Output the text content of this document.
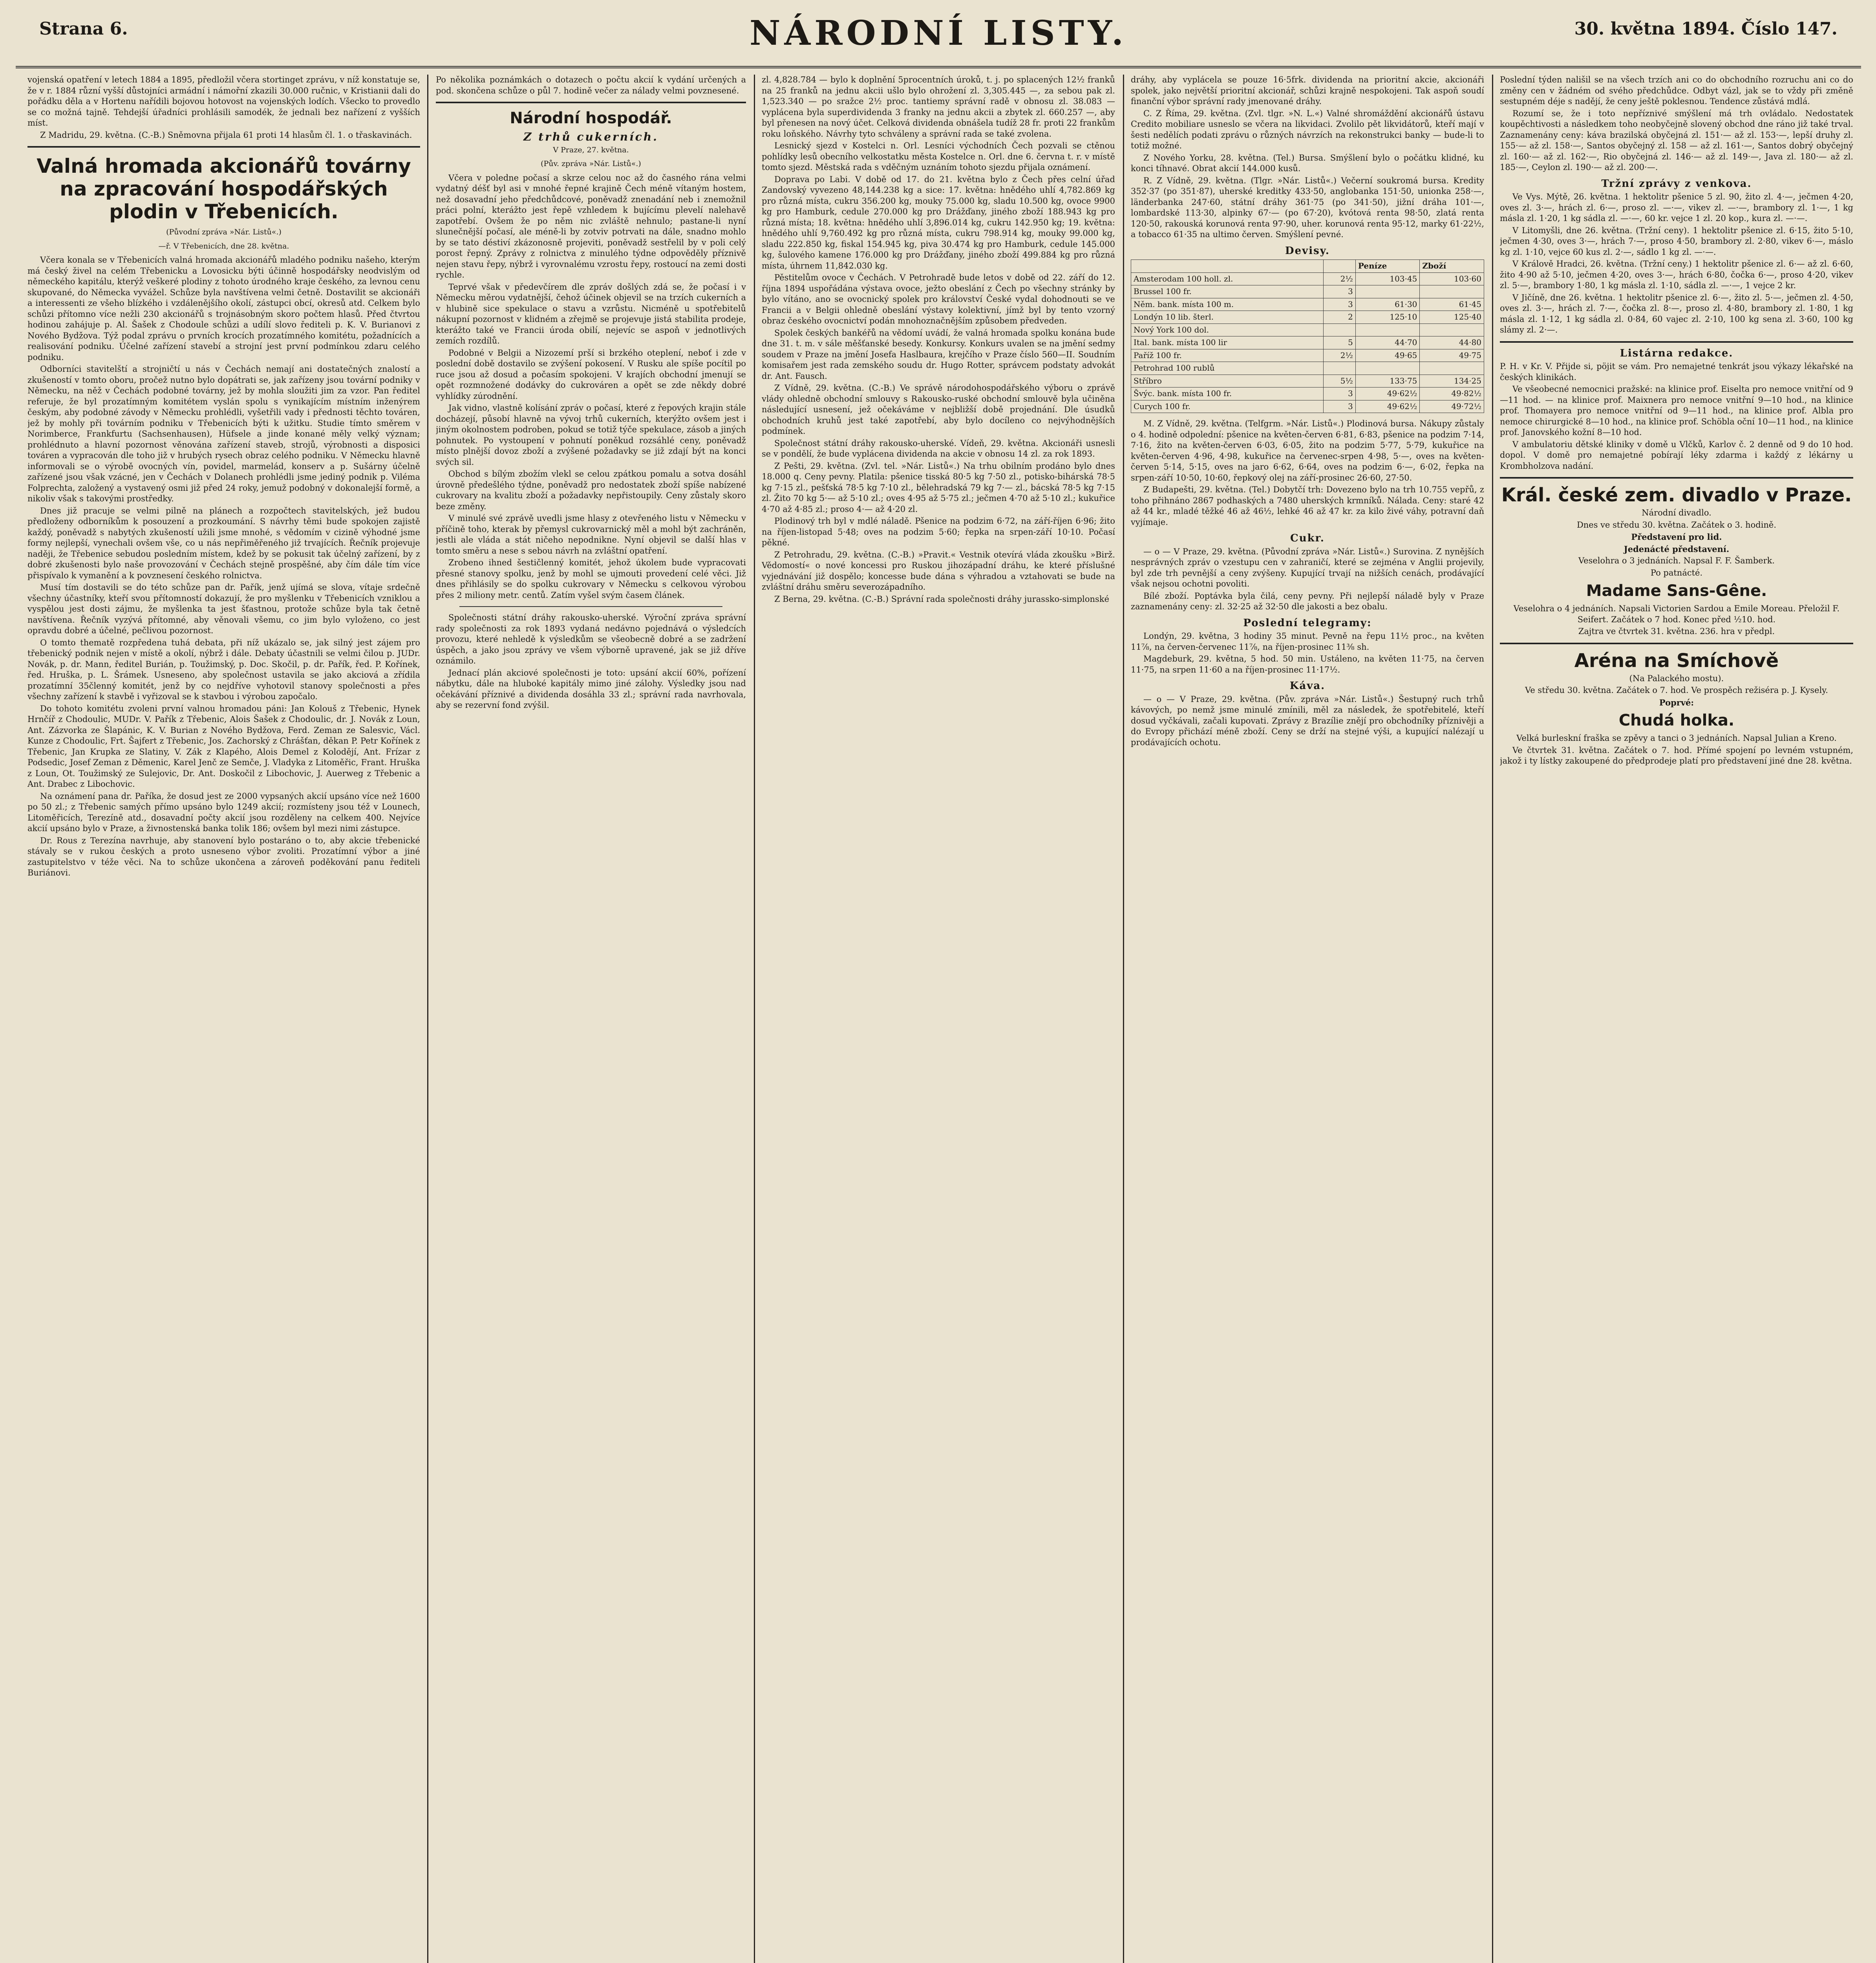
Strana 6.	NÁRODNÍ LISTY.	30. května 1894. Číslo 147.

vojenská opatření v letech 1884 a 1895, předložil včera stortinget zprávu, v níž konstatuje se, že v r. 1884 různí vyšší důstojníci armádní i námořní zkazili 30.000 ručnic, v Kristianii dali do pořádku děla a v Hortenu nařídili bojovou hotovost na vojenských lodích. Všecko to provedlo se co možná tajně. Tehdejší úřadníci prohlásili samodék, že jednali bez nařízení z vyšších míst.

Z Madridu, 29. května. (C.-B.) Sněmovna přijala 61 proti 14 hlasům čl. 1. o třaskavinách.

Valná hromada akcionářů továrny na zpracování hospodářských plodin v Třebenicích.

(Původní zpráva »Nár. Listů«.)

—ř. V Třebenicích, dne 28. května.

Včera konala se v Třebenicích valná hromada akcionářů mladého podniku našeho, kterým má český živel na celém Třebenicku a Lovosicku býti účinně hospodářsky neodvislým od německého kapitálu, kterýž veškeré plodiny z tohoto úrodného kraje českého, za levnou cenu skupované, do Německa vyvážel. Schůze byla navštívena velmi četně. Dostavilit se akcionáři a interessenti ze všeho blízkého i vzdálenějšího okolí, zástupci obcí, okresů atd. Celkem bylo schůzi přítomno více nežli 230 akcionářů s trojnásobným skoro počtem hlasů. Před čtvrtou hodinou zahájuje p. Al. Šašek z Chodoule schůzi a udílí slovo řediteli p. K. V. Burianovi z Nového Bydžova. Týž podal zprávu o prvních krocích prozatímného komitétu, požadnících a realisování podniku. Účelné zařízení stavebí a strojní jest první podmínkou zdaru celého podniku.

Odborníci stavitelští a strojničtí u nás v Čechách nemají ani dostatečných znalostí a zkušeností v tomto oboru, pročež nutno bylo dopátrati se, jak zařízeny jsou tovární podniky v Německu, na něž v Čechách podobné továrny, jež by mohla sloužiti jim za vzor. Pan ředitel referuje, že byl prozatímným komitétem vyslán spolu s vynikajícím místním inženýrem českým, aby podobné závody v Německu prohlédli, vyšetřili vady i přednosti těchto továren, jež by mohly při továrním podniku v Třebenicích býti k užitku. Studie tímto směrem v Norimberce, Frankfurtu (Sachsenhausen), Hüfsele a jinde konané měly velký význam; prohlédnuto a hlavní pozornost věnována zařízení staveb, strojů, výrobnosti a disposici továren a vypracován dle toho již v hrubých rysech obraz celého podniku. V Německu hlavně informovali se o výrobě ovocných vín, povidel, marmelád, konserv a p. Sušárny účelně zařízené jsou však vzácné, jen v Čechách v Dolanech prohlédli jsme jediný podnik p. Viléma Folprechta, založený a vystavený osmi již před 24 roky, jemuž podobný v dokonalejší formě, a nikoliv však s takovými prostředky.

Dnes již pracuje se velmi pilně na plánech a rozpočtech stavitelských, jež budou předloženy odborníkům k posouzení a prozkoumání. S návrhy těmi bude spokojen zajistě každý, poněvadž s nabytých zkušeností užili jsme mnohé, s vědomím v cizině výhodné jsme formy nejlepší, vynechali ovšem vše, co u nás nepřiměřeného již trvajících. Řečník projevuje naději, že Třebenice sebudou posledním místem, kdež by se pokusit tak účelný zařízení, by z dobré zkušenosti bylo naše provozování v Čechách stejně prospěšné, aby čím dále tím více přispívalo k vymanění a k povznesení českého rolnictva.

Musí tím dostavili se do této schůze pan dr. Pařík, jenž ujímá se slova, vítaje srdečně všechny účastníky, kteří svou přítomností dokazují, že pro myšlenku v Třebenicích vzniklou a vyspělou jest dosti zájmu, že myšlenka ta jest šťastnou, protože schůze byla tak četně navštívena. Řečník vyzývá přítomné, aby věnovali všemu, co jim bylo vyloženo, co jest opravdu dobré a účelné, pečlivou pozornost.

O tomto thematě rozpředena tuhá debata, při níž ukázalo se, jak silný jest zájem pro třebenický podnik nejen v místě a okolí, nýbrž i dále. Debaty účastnili se velmi čilou p. JUDr. Novák, p. dr. Mann, ředitel Burián, p. Toužimský, p. Doc. Skočil, p. dr. Pařík, řed. P. Kořínek, řed. Hruška, p. L. Šrámek. Usneseno, aby společnost ustavila se jako akciová a zřídila prozatímní 35členný komitét, jenž by co nejdříve vyhotovil stanovy společnosti a přes všechny zařízení k stavbě i vyřizoval se k stavbou i výrobou započalo.

Do tohoto komitétu zvoleni první valnou hromadou páni: Jan Kolouš z Třebenic, Hynek Hrnčíř z Chodoulic, MUDr. V. Pařík z Třebenic, Alois Šašek z Chodoulic, dr. J. Novák z Loun, Ant. Zázvorka ze Šlapánic, K. V. Burian z Nového Bydžova, Ferd. Zeman ze Salesvic, Václ. Kunze z Chodoulic, Frt. Šajfert z Třebenic, Jos. Zachorský z Chrášťan, děkan P. Petr Kořínek z Třebenic, Jan Krupka ze Slatiny, V. Zák z Klapého, Alois Demel z Kolodějí, Ant. Frízar z Podsedic, Josef Zeman z Děmenic, Karel Jenč ze Semče, J. Vladyka z Litoměřic, Frant. Hruška z Loun, Ot. Toužimský ze Sulejovic, Dr. Ant. Doskočil z Libochovic, J. Auerweg z Třebenic a Ant. Drabec z Libochovic.

Na oznámení pana dr. Paříka, že dosud jest ze 2000 vypsaných akcií upsáno více než 1600 po 50 zl.; z Třebenic samých přímo upsáno bylo 1249 akcií; rozmísteny jsou též v Lounech, Litoměřicích, Terezíně atd., dosavadní počty akcií jsou rozděleny na celkem 400. Nejvíce akcií upsáno bylo v Praze, a živnostenská banka tolik 186; ovšem byl mezi nimi zástupce.

Dr. Rous z Terezína navrhuje, aby stanovení bylo postaráno o to, aby akcie třebenické stávaly se v rukou českých a proto usneseno výbor zvoliti. Prozatímní výbor a jiné zastupitelstvo v téže věci. Na to schůze ukončena a zároveň poděkování panu řediteli Buriánovi.

Po několika poznámkách o dotazech o počtu akcií k vydání určených a pod. skončena schůze o půl 7. hodině večer za nálady velmi povznesené.

Národní hospodář.
Z trhů cukerních.

V Praze, 27. května.

(Pův. zpráva »Nár. Listů«.)

Včera v poledne počasí a skrze celou noc až do časného rána velmi vydatný déšť byl asi v mnohé řepné krajině Čech méně vítaným hostem, než dosavadní jeho předchůdcové, poněvadž znenadání neb i znemožnil práci polní, kterážto jest řepě vzhledem k bujícímu plevelí nalehavě zapotřebí. Ovšem že po něm nic zvláště nehnulo; pastane-li nyní slunečnější počasí, ale méně-li by zotviv potrvati na dále, snadno mohlo by se tato déstiví zkázonosně projeviti, poněvadž sestřelil by v poli celý porost řepný. Zprávy z rolnictva z minulého týdne odpověděly příznivě nejen stavu řepy, nýbrž i vyrovnalému vzrostu řepy, rostoucí na zemi dosti rychle.

Teprvé však v předevčírem dle zpráv došlých zdá se, že počasí i v Německu měrou vydatnější, čehož účinek objevil se na trzích cukerních a v hlubině sice spekulace o stavu a vzrůstu. Nicméně u spotřebitelů nákupní pozornost v klidném a zřejmě se projevuje jistá stabilita prodeje, kterážto také ve Francii úroda obilí, nejevíc se aspoň v jednotlivých zemích rozdílů.

Podobné v Belgii a Nizozemí prší si brzkého oteplení, neboť i zde v poslední době dostavilo se zvýšení pokosení. V Rusku ale spíše pocítil po ruce jsou až dosud a počasím spokojeni. V krajích obchodní jmenují se opět rozmnožené dodávky do cukrováren a opět se zde někdy dobré vyhlídky zúrodnění.

Jak vidno, vlastně kolísání zpráv o počasí, které z řepových krajin stále docházejí, působí hlavně na vývoj trhů cukerních, kterýžto ovšem jest i jiným okolnostem podroben, pokud se totiž týče spekulace, zásob a jiných pohnutek. Po vystoupení v pohnutí poněkud rozsáhlé ceny, poněvadž místo plnější dovoz zboží a zvýšené požadavky se již zdají být na konci svých sil.

Obchod s bílým zbožím vlekl se celou zpátkou pomalu a sotva dosáhl úrovně předešlého týdne, poněvadž pro nedostatek zboží spíše nabízené cukrovary na kvalitu zboží a požadavky nepřistoupily. Ceny zůstaly skoro beze změny.

V minulé své zprávě uvedli jsme hlasy z otevřeného listu v Německu v příčině toho, kterak by přemysl cukrovarnický měl a mohl být zachráněn, jestli ale vláda a stát ničeho nepodnikne. Nyní objevil se další hlas v tomto směru a nese s sebou návrh na zvláštní opatření.

Zrobeno ihned šestičlenný komitét, jehož úkolem bude vypracovati přesné stanovy spolku, jenž by mohl se ujmouti provedení celé věci. Již dnes přihlásily se do spolku cukrovary v Německu s celkovou výrobou přes 2 miliony metr. centů. Zatím vyšel svým časem článek.

Společnosti státní dráhy rakousko-uherské. Výroční zpráva správní rady společnosti za rok 1893 vydaná nedávno pojednává o výsledcích provozu, které nehledě k výsledkům se všeobecně dobré a se zadržení úspěch, a jako jsou zprávy ve všem výborně upravené, jak se již dříve oznámilo.

Jednací plán akciové společnosti je toto: upsání akcií 60%, pořízení nábytku, dále na hluboké kapitály mimo jiné zálohy. Výsledky jsou nad očekávání příznivé a dividenda dosáhla 33 zl.; správní rada navrhovala, aby se rezervní fond zvýšil.

zl. 4,828.784 — bylo k doplnění 5procentních úroků, t. j. po splacených 12½ franků na 25 franků na jednu akcii ušlo bylo ohrožení zl. 3,305.445 —, za sebou pak zl. 1,523.340 — po sražce 2½ proc. tantiemy správní radě v obnosu zl. 38.083 — vyplácena byla superdividenda 3 franky na jednu akcii a zbytek zl. 660.257 —, aby byl přenesen na nový účet. Celková dividenda obnášela tudíž 28 fr. proti 22 frankům roku loňského. Návrhy tyto schváleny a správní rada se také zvolena.

Lesnický sjezd v Kostelci n. Orl. Lesníci východních Čech pozvali se ctěnou pohlídky lesů obecního velkostatku města Kostelce n. Orl. dne 6. června t. r. v místě tomto sjezd. Městská rada s vděčným uznáním tohoto sjezdu přijala oznámení.

Doprava po Labi. V době od 17. do 21. května bylo z Čech přes celní úřad Zandovský vyvezeno 48,144.238 kg a sice: 17. května: hnědého uhlí 4,782.869 kg pro různá místa, cukru 356.200 kg, mouky 75.000 kg, sladu 10.500 kg, ovoce 9900 kg pro Hamburk, cedule 270.000 kg pro Drážďany, jiného zboží 188.943 kg pro různá místa; 18. května: hnědého uhlí 3,896.014 kg, cukru 142.950 kg; 19. května: hnědého uhlí 9,760.492 kg pro různá místa, cukru 798.914 kg, mouky 99.000 kg, sladu 222.850 kg, fiskal 154.945 kg, piva 30.474 kg pro Hamburk, cedule 145.000 kg, šulového kamene 176.000 kg pro Drážďany, jiného zboží 499.884 kg pro různá místa, úhrnem 11,842.030 kg.

Pěstitelům ovoce v Čechách. V Petrohradě bude letos v době od 22. září do 12. října 1894 uspořádána výstava ovoce, ježto obeslání z Čech po všechny stránky by bylo vítáno, ano se ovocnický spolek pro království České vydal dohodnouti se ve Francii a v Belgii ohledně obeslání výstavy kolektivní, jímž byl by tento vzorný obraz českého ovocnictví podán mnohoznačnějším způsobem předveden.

Spolek českých bankéřů na vědomí uvádí, že valná hromada spolku konána bude dne 31. t. m. v sále měšťanské besedy. Konkursy. Konkurs uvalen se na jmění sedmy soudem v Praze na jmění Josefa Haslbaura, krejčího v Praze číslo 560—II. Soudním komisařem jest rada zemského soudu dr. Hugo Rotter, správcem podstaty advokát dr. Ant. Fausch.

Z Vídně, 29. května. (C.-B.) Ve správě národohospodářského výboru o zprávě vlády ohledně obchodní smlouvy s Rakousko-ruské obchodní smlouvě byla učiněna následující usnesení, jež očekáváme v nejbližší době projednání. Dle úsudků obchodních kruhů jest také zapotřebí, aby bylo docíleno co nejvýhodnějších podmínek.

Společnost státní dráhy rakousko-uherské. Vídeň, 29. května. Akcionáři usnesli se v pondělí, že bude vyplácena dividenda na akcie v obnosu 14 zl. za rok 1893.

Z Pešti, 29. května. (Zvl. tel. »Nár. Listů«.) Na trhu obilním prodáno bylo dnes 18.000 q. Ceny pevny. Platila: pšenice tisská 80·5 kg 7·50 zl., potisko-bihárská 78·5 kg 7·15 zl., pešťská 78·5 kg 7·10 zl., bělehradská 79 kg 7·— zl., bácská 78·5 kg 7·15 zl. Žito 70 kg 5·— až 5·10 zl.; oves 4·95 až 5·75 zl.; ječmen 4·70 až 5·10 zl.; kukuřice 4·70 až 4·85 zl.; proso 4·— až 4·20 zl.

Plodinový trh byl v mdlé náladě. Pšenice na podzim 6·72, na září-říjen 6·96; žito na říjen-listopad 5·48; oves na podzim 5·60; řepka na srpen-září 10·10. Počasí pěkné.

Z Petrohradu, 29. května. (C.-B.) »Pravit.« Vestnik otevírá vláda zkoušku »Birž. Vědomostí« o nové koncessi pro Ruskou jihozápadní dráhu, ke které příslušné vyjednávání již dospělo; koncesse bude dána s výhradou a vztahovati se bude na zvláštní dráhu směru severozápadního.

Z Berna, 29. května. (C.-B.) Správní rada společnosti dráhy jurassko-simplonské

dráhy, aby vyplácela se pouze 16·5frk. dividenda na prioritní akcie, akcionáři spolek, jako největší prioritní akcionář, schůzi krajně nespokojeni. Tak aspoň soudí finanční výbor správní rady jmenované dráhy.

C. Z Říma, 29. května. (Zvl. tlgr. »N. L.«) Valné shromáždění akcionářů ústavu Credito mobiliare usneslo se včera na likvidaci. Zvolilo pět likvidátorů, kteří mají v šesti nedělích podati zprávu o různých návrzích na rekonstrukci banky — bude-li to totiž možné.

Z Nového Yorku, 28. května. (Tel.) Bursa. Smýšlení bylo o počátku klidné, ku konci tíhnavé. Obrat akcií 144.000 kusů.

R. Z Vídně, 29. května. (Tlgr. »Nár. Listů«.) Večerní soukromá bursa. Kredity 352·37 (po 351·87), uherské kreditky 433·50, anglobanka 151·50, unionka 258·—, länderbanka 247·60, státní dráhy 361·75 (po 341·50), jižní dráha 101·—, lombardské 113·30, alpinky 67·— (po 67·20), kvótová renta 98·50, zlatá renta 120·50, rakouská korunová renta 97·90, uher. korunová renta 95·12, marky 61·22½, a tobacco 61·35 na ultimo červen. Smýšlení pevné.

Devisy.
		Peníze	Zboží
Amsterodam 100 holl. zl.	2½	103·45	103·60
Brussel 100 fr.	3		
Něm. bank. místa 100 m.	3	61·30	61·45
Londýn 10 lib. šterl.	2	125·10	125·40
Nový York 100 dol.			
Ital. bank. místa 100 lir	5	44·70	44·80
Paříž 100 fr.	2½	49·65	49·75
Petrohrad 100 rublů			
Stříbro	5½	133·75	134·25
Švýc. bank. místa 100 fr.	3	49·62½	49·82½
Curych 100 fr.	3	49·62½	49·72½

M. Z Vídně, 29. května. (Telfgrm. »Nár. Listů«.) Plodinová bursa. Nákupy zůstaly o 4. hodině odpolední: pšenice na květen-červen 6·81, 6·83, pšenice na podzim 7·14, 7·16, žito na květen-červen 6·03, 6·05, žito na podzim 5·77, 5·79, kukuřice na květen-červen 4·96, 4·98, kukuřice na červenec-srpen 4·98, 5·—, oves na květen-červen 5·14, 5·15, oves na jaro 6·62, 6·64, oves na podzim 6·—, 6·02, řepka na srpen-září 10·50, 10·60, řepkový olej na září-prosinec 26·60, 27·50.

Z Budapešti, 29. května. (Tel.) Dobytčí trh: Dovezeno bylo na trh 10.755 vepřů, z toho přihnáno 2867 podhaských a 7480 uherských krmníků. Nálada. Ceny: staré 42 až 44 kr., mladé těžké 46 až 46½, lehké 46 až 47 kr. za kilo živé váhy, potravní daň vyjímaje.

Cukr.

— o — V Praze, 29. května. (Původní zpráva »Nár. Listů«.) Surovina. Z nynějších nesprávných zpráv o vzestupu cen v zahraničí, které se zejména v Anglii projevily, byl zde trh pevnější a ceny zvýšeny. Kupující trvají na nižších cenách, prodávající však nejsou ochotni povoliti.

Bílé zboží. Poptávka byla čilá, ceny pevny. Při nejlepší náladě byly v Praze zaznamenány ceny: zl. 32·25 až 32·50 dle jakosti a bez obalu.

Poslední telegramy:

Londýn, 29. května, 3 hodiny 35 minut. Pevně na řepu 11½ proc., na květen 11⁷⁄₈, na červen-červenec 11⁷⁄₈, na říjen-prosinec 11³⁄₈ sh.

Magdeburk, 29. května, 5 hod. 50 min. Ustáleno, na květen 11·75, na červen 11·75, na srpen 11·60 a na říjen-prosinec 11·17½.

Káva.

— o — V Praze, 29. května. (Pův. zpráva »Nár. Listů«.) Šestupný ruch trhů kávových, po nemž jsme minulé zmínili, měl za následek, že spotřebitelé, kteří dosud vyčkávali, začali kupovati. Zprávy z Brazílie znějí pro obchodníky příznivěji a do Evropy přichází méně zboží. Ceny se drží na stejné výši, a kupující nalézají u prodávajících ochotu.

Poslední týden nališil se na všech trzích ani co do obchodního rozruchu ani co do změny cen v žádném od svého předchůdce. Odbyt vázl, jak se to vždy při změně sestupném déje s nadějí, že ceny ještě poklesnou. Tendence zůstává mdlá.

Rozumí se, že i toto nepříznivé smýšlení má trh ovládalo. Nedostatek koupěchtivosti a následkem toho neobyčejně slovený obchod dne ráno již také trval. Zaznamenány ceny: káva brazilská obyčejná zl. 151·— až zl. 153·—, lepší druhy zl. 155·— až zl. 158·—, Santos obyčejný zl. 158 — až zl. 161·—, Santos dobrý obyčejný zl. 160·— až zl. 162·—, Rio obyčejná zl. 146·— až zl. 149·—, Java zl. 180·— až zl. 185·—, Ceylon zl. 190·— až zl. 200·—.

Tržní zprávy z venkova.

Ve Vys. Mýtě, 26. května. 1 hektolitr pšenice 5 zl. 90, žito zl. 4·—, ječmen 4·20, oves zl. 3·—, hrách zl. 6·—, proso zl. —·—, vikev zl. —·—, brambory zl. 1·—, 1 kg másla zl. 1·20, 1 kg sádla zl. —·—, 60 kr. vejce 1 zl. 20 kop., kura zl. —·—.

V Litomyšli, dne 26. května. (Tržní ceny). 1 hektolitr pšenice zl. 6·15, žito 5·10, ječmen 4·30, oves 3·—, hrách 7·—, proso 4·50, brambory zl. 2·80, vikev 6·—, máslo kg zl. 1·10, vejce 60 kus zl. 2·—, sádlo 1 kg zl. —·—.

V Králově Hradci, 26. května. (Tržní ceny.) 1 hektolitr pšenice zl. 6·— až zl. 6·60, žito 4·90 až 5·10, ječmen 4·20, oves 3·—, hrách 6·80, čočka 6·—, proso 4·20, vikev zl. 5·—, brambory 1·80, 1 kg másla zl. 1·10, sádla zl. —·—, 1 vejce 2 kr.

V Jičíně, dne 26. května. 1 hektolitr pšenice zl. 6·—, žito zl. 5·—, ječmen zl. 4·50, oves zl. 3·—, hrách zl. 7·—, čočka zl. 8·—, proso zl. 4·80, brambory zl. 1·80, 1 kg másla zl. 1·12, 1 kg sádla zl. 0·84, 60 vajec zl. 2·10, 100 kg sena zl. 3·60, 100 kg slámy zl. 2·—.

Listárna redakce.

P. H. v Kr. V. Přijde si, pöjit se vám. Pro nemajetné tenkrát jsou výkazy lékařské na českých klinikách.

Ve všeobecné nemocnici pražské: na klinice prof. Eiselta pro nemoce vnitřní od 9—11 hod. — na klinice prof. Maixnera pro nemoce vnitřní 9—10 hod., na klinice prof. Thomayera pro nemoce vnitřní od 9—11 hod., na klinice prof. Albla pro nemoce chirurgické 8—10 hod., na klinice prof. Schöbla oční 10—11 hod., na klinice prof. Janovského kožní 8—10 hod.

V ambulatoriu dětské kliniky v domě u Vlčků, Karlov č. 2 denně od 9 do 10 hod. dopol. V domě pro nemajetné pobírají léky zdarma i každý z lékárny u Krombholzova nadání.

Král. české zem. divadlo v Praze.

Národní divadlo.

Dnes ve středu 30. května. Začátek o 3. hodině.

Představení pro lid.

Jedenácté představení.

Veselohra o 3 jednáních. Napsal F. F. Šamberk.

Po patnácté.

Madame Sans-Gêne.

Veselohra o 4 jednáních. Napsali Victorien Sardou a Emile Moreau. Přeložil F. Seifert. Začátek o 7 hod. Konec před ½10. hod.

Zajtra ve čtvrtek 31. května. 236. hra v předpl.

Aréna na Smíchově

(Na Palackého mostu).

Ve středu 30. května. Začátek o 7. hod. Ve prospěch režiséra p. J. Kysely.

Poprvé:

Chudá holka.

Velká burleskní fraška se zpěvy a tanci o 3 jednáních. Napsal Julian a Kreno.

Ve čtvrtek 31. května. Začátek o 7. hod. Přímé spojení po levném vstupném, jakož i ty lístky zakoupené do předprodeje platí pro představení jiné dne 28. května.
